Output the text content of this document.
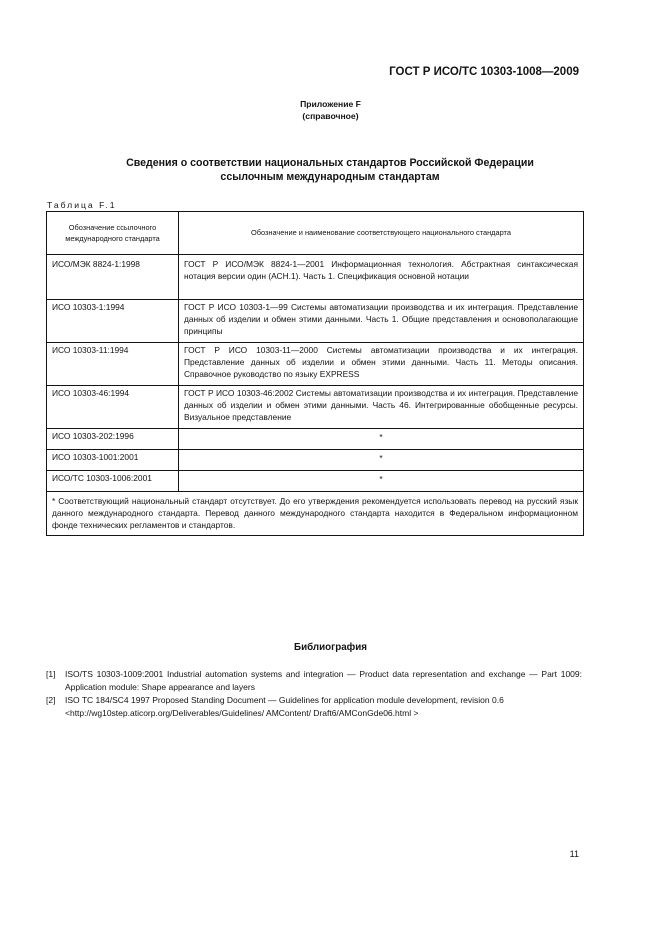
ГОСТ Р ИСО/ТС 10303-1008—2009
Приложение F
(справочное)
Сведения о соответствии национальных стандартов Российской Федерации
ссылочным международным стандартам
Таблица F.1
Обозначение ссылочного международного стандарта	Обозначение и наименование соответствующего национального стандарта
ИСО/МЭК 8824-1:1998	ГОСТ Р ИСО/МЭК 8824-1—2001 Информационная технология. Абстрактная синтаксическая нотация версии один (АСН.1). Часть 1. Спецификация основной нотации
ИСО 10303-1:1994	ГОСТ Р ИСО 10303-1—99 Системы автоматизации производства и их интеграция. Представление данных об изделии и обмен этими данными. Часть 1. Общие представления и основополагающие принципы
ИСО 10303-11:1994	ГОСТ Р ИСО 10303-11—2000 Системы автоматизации производства и их интеграция. Представление данных об изделии и обмен этими данными. Часть 11. Методы описания. Справочное руководство по языку EXPRESS
ИСО 10303-46:1994	ГОСТ Р ИСО 10303-46:2002 Системы автоматизации производства и их интеграция. Представление данных об изделии и обмен этими данными. Часть 46. Интегрированные обобщенные ресурсы. Визуальное представление
ИСО 10303-202:1996	*
ИСО 10303-1001:2001	*
ИСО/ТС 10303-1006:2001	*
* Соответствующий национальный стандарт отсутствует. До его утверждения рекомендуется использовать перевод на русский язык данного международного стандарта. Перевод данного международного стандарта находится в Федеральном информационном фонде технических регламентов и стандартов.	
Библиография
[1] ISO/TS 10303-1009:2001 Industrial automation systems and integration — Product data representation and exchange — Part 1009: Application module: Shape appearance and layers
[2] ISO TC 184/SC4 1997 Proposed Standing Document — Guidelines for application module development, revision 0.6
<http://wg10step.aticorp.org/Deliverables/Guidelines/ AMContent/ Draft6/AMConGde06.html >
11
